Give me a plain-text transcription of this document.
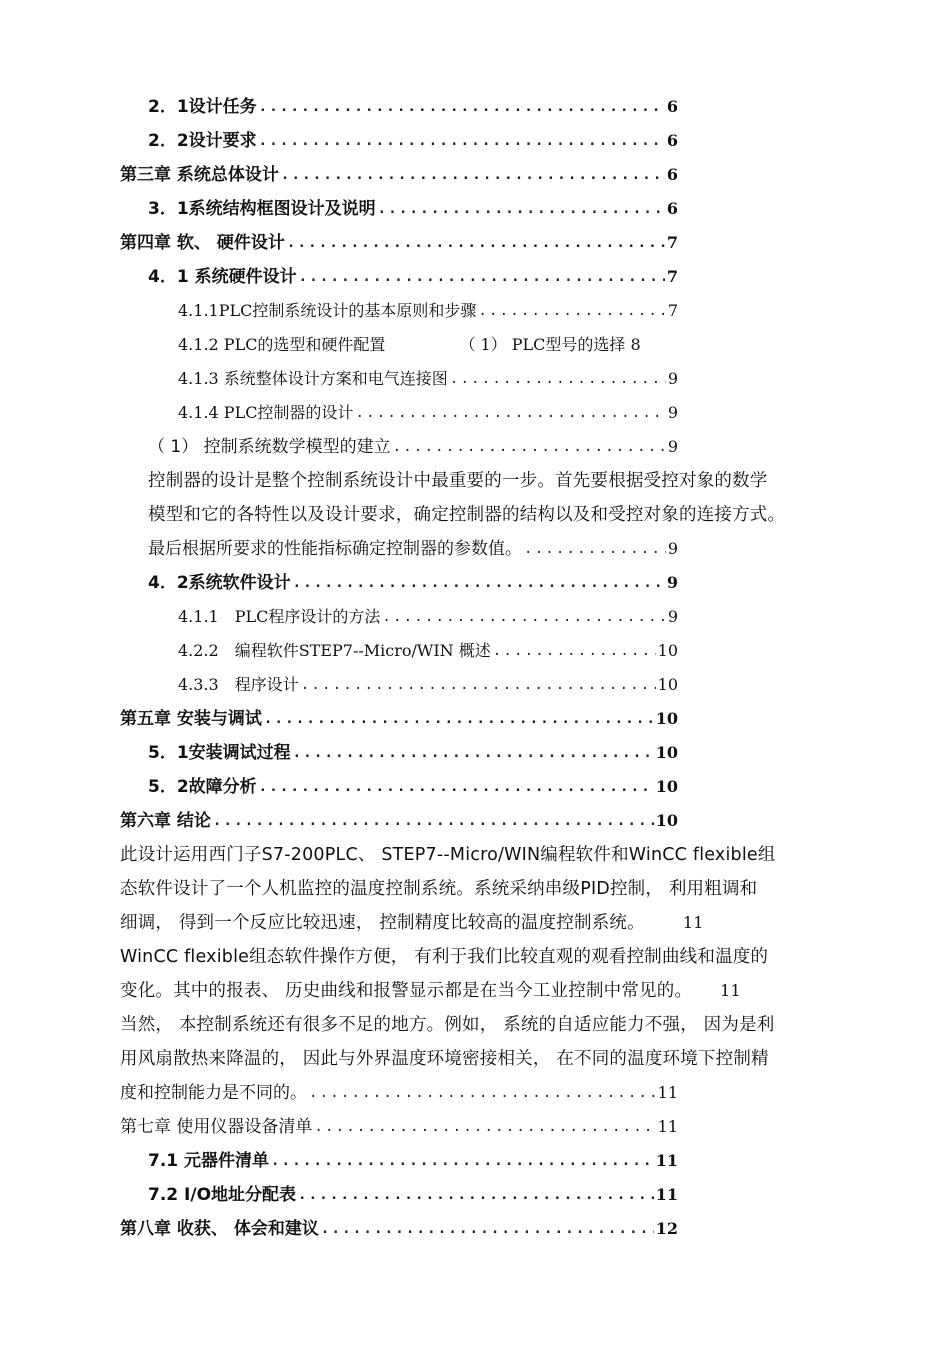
2．1设计任务 .....	6
2．2设计要求 .....	6
第三章 系统总体设计 .....	6
3．1系统结构框图设计及说明 .....	6
第四章 软、 硬件设计 .....	7
4．1 系统硬件设计 .....	7
4.1.1PLC控制系统设计的基本原则和步骤 .....	7
4.1.2 PLC的选型和硬件配置	（ 1） PLC型号的选择 8
4.1.3 系统整体设计方案和电气连接图 .....	9
4.1.4 PLC控制器的设计 .....	9
（ 1） 控制系统数学模型的建立 .....	9
控制器的设计是整个控制系统设计中最重要的一步。首先要根据受控对象的数学
模型和它的各特性以及设计要求，确定控制器的结构以及和受控对象的连接方式。
最后根据所要求的性能指标确定控制器的参数值。 .....	9
4．2系统软件设计 .....	9
4.1.1　PLC程序设计的方法 .....	9
4.2.2　编程软件STEP7--Micro/WIN 概述 .....	10
4.3.3　程序设计 .....	10
第五章 安装与调试 .....	10
5．1安装调试过程 .....	10
5．2故障分析 .....	10
第六章 结论 .....	10
此设计运用西门子S7-200PLC、 STEP7--Micro/WIN编程软件和WinCC flexible组
态软件设计了一个人机监控的温度控制系统。系统采纳串级PID控制， 利用粗调和
细调， 得到一个反应比较迅速， 控制精度比较高的温度控制系统。 11
WinCC flexible组态软件操作方便， 有利于我们比较直观的观看控制曲线和温度的
变化。其中的报表、 历史曲线和报警显示都是在当今工业控制中常见的。 11
当然， 本控制系统还有很多不足的地方。例如， 系统的自适应能力不强， 因为是利
用风扇散热来降温的， 因此与外界温度环境密接相关， 在不同的温度环境下控制精
度和控制能力是不同的。 .....	11
第七章 使用仪器设备清单 .....	11
7.1 元器件清单 .....	11
7.2 I/O地址分配表 .....	11
第八章 收获、 体会和建议 .....	12
